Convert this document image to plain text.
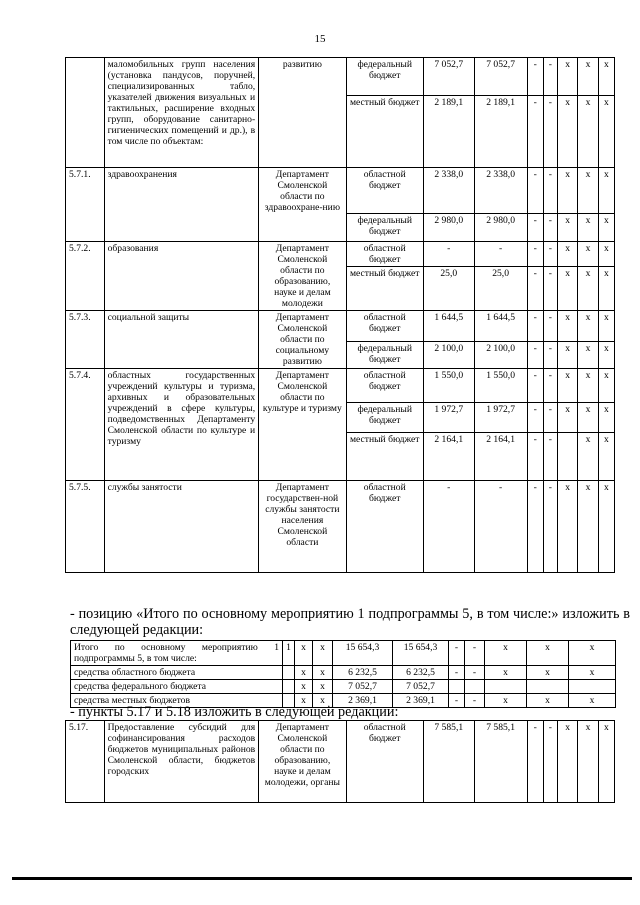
15
	маломобильных групп населения (установка пандусов, поручней, специализированных табло, указателей движения визуальных и тактильных, расширение входных групп, оборудование санитарно-гигиенических помещений и др.), в том числе по объектам:	развитию	федеральный бюджет	7 052,7	7 052,7	-	-	x	x	x
			местный бюджет	2 189,1	2 189,1	-	-	x	x	x
5.7.1.	здравоохранения	Департамент Смоленской области по здравоохране-нию	областной бюджет	2 338,0	2 338,0	-	-	x	x	x
			федеральный бюджет	2 980,0	2 980,0	-	-	x	x	x
5.7.2.	образования	Департамент Смоленской области по образованию, науке и делам молодежи	областной бюджет	-	-	-	-	x	x	x
			местный бюджет	25,0	25,0	-	-	x	x	x
5.7.3.	социальной защиты	Департамент Смоленской области по социальному развитию	областной бюджет	1 644,5	1 644,5	-	-	x	x	x
			федеральный бюджет	2 100,0	2 100,0	-	-	x	x	x
5.7.4.	областных государственных учреждений культуры и туризма, архивных и образовательных учреждений в сфере культуры, подведомственных Департаменту Смоленской области по культуре и туризму	Департамент Смоленской области по культуре и туризму	областной бюджет	1 550,0	1 550,0	-	-	x	x	x
			федеральный бюджет	1 972,7	1 972,7	-	-	x	x	x
			местный бюджет	2 164,1	2 164,1	-	-		x	x
5.7.5.	службы занятости	Департамент государствен-ной службы занятости населения Смоленской области	областной бюджет	-	-	-	-	x	x	x
- позицию «Итого по основному мероприятию 1 подпрограммы 5, в том числе:» изложить в следующей редакции:
Итого по основному мероприятию 1 подпрограммы 5, в том числе:	1	x	x	15 654,3	15 654,3	-	-	x	x	x
средства областного бюджета		x	x	6 232,5	6 232,5	-	-	x	x	x
средства федерального бюджета		x	x	7 052,7	7 052,7					
средства местных бюджетов		x	x	2 369,1	2 369,1	-	-	x	x	x
- пункты 5.17 и 5.18 изложить в следующей редакции:
5.17.	Предоставление субсидий для софинансирования расходов бюджетов муниципальных районов Смоленской области, бюджетов городских	Департамент Смоленской области по образованию, науке и делам молодежи, органы	областной бюджет	7 585,1	7 585,1	-	-	x	x	x
